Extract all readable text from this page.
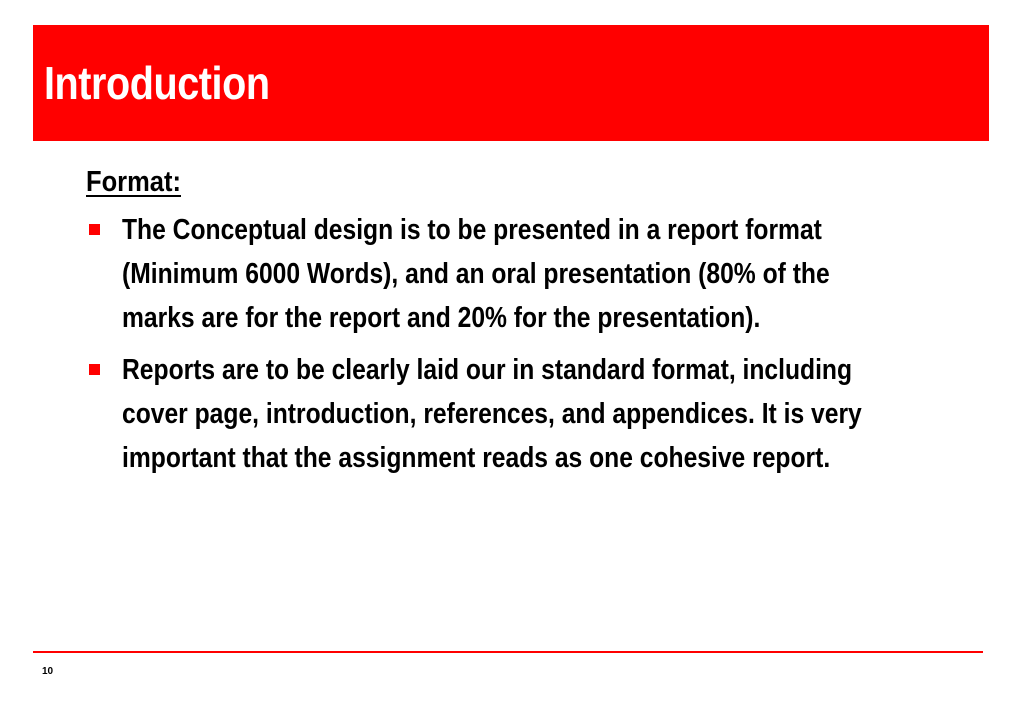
Introduction
Format:
The Conceptual design is to be presented in a report format (Minimum 6000 Words), and an oral presentation (80% of the marks are for the report and 20% for the presentation).
Reports are to be clearly laid our in standard format, including cover page, introduction, references, and appendices. It is very important that the assignment reads as one cohesive report.
10
